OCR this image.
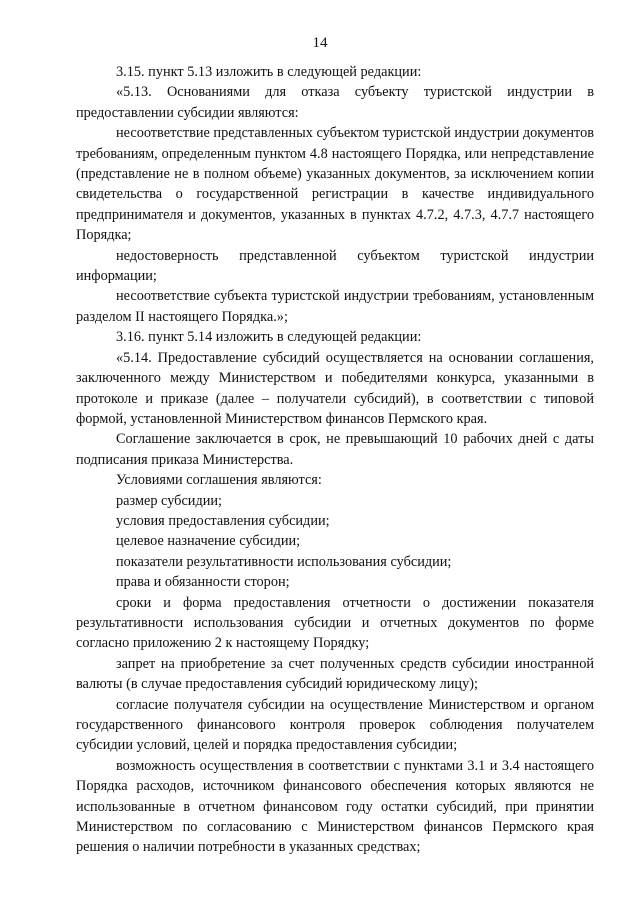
14

3.15. пункт 5.13 изложить в следующей редакции:

«5.13. Основаниями для отказа субъекту туристской индустрии в предоставлении субсидии являются:

несоответствие представленных субъектом туристской индустрии документов требованиям, определенным пунктом 4.8 настоящего Порядка, или непредставление (представление не в полном объеме) указанных документов, за исключением копии свидетельства о государственной регистрации в качестве индивидуального предпринимателя и документов, указанных в пунктах 4.7.2, 4.7.3, 4.7.7 настоящего Порядка;

недостоверность представленной субъектом туристской индустрии информации;

несоответствие субъекта туристской индустрии требованиям, установленным разделом II настоящего Порядка.»;

3.16. пункт 5.14 изложить в следующей редакции:

«5.14. Предоставление субсидий осуществляется на основании соглашения, заключенного между Министерством и победителями конкурса, указанными в протоколе и приказе (далее – получатели субсидий), в соответствии с типовой формой, установленной Министерством финансов Пермского края.

Соглашение заключается в срок, не превышающий 10 рабочих дней с даты подписания приказа Министерства.

Условиями соглашения являются:

размер субсидии;

условия предоставления субсидии;

целевое назначение субсидии;

показатели результативности использования субсидии;

права и обязанности сторон;

сроки и форма предоставления отчетности о достижении показателя результативности использования субсидии и отчетных документов по форме согласно приложению 2 к настоящему Порядку;

запрет на приобретение за счет полученных средств субсидии иностранной валюты (в случае предоставления субсидий юридическому лицу);

согласие получателя субсидии на осуществление Министерством и органом государственного финансового контроля проверок соблюдения получателем субсидии условий, целей и порядка предоставления субсидии;

возможность осуществления в соответствии с пунктами 3.1 и 3.4 настоящего Порядка расходов, источником финансового обеспечения которых являются не использованные в отчетном финансовом году остатки субсидий, при принятии Министерством по согласованию с Министерством финансов Пермского края решения о наличии потребности в указанных средствах;
